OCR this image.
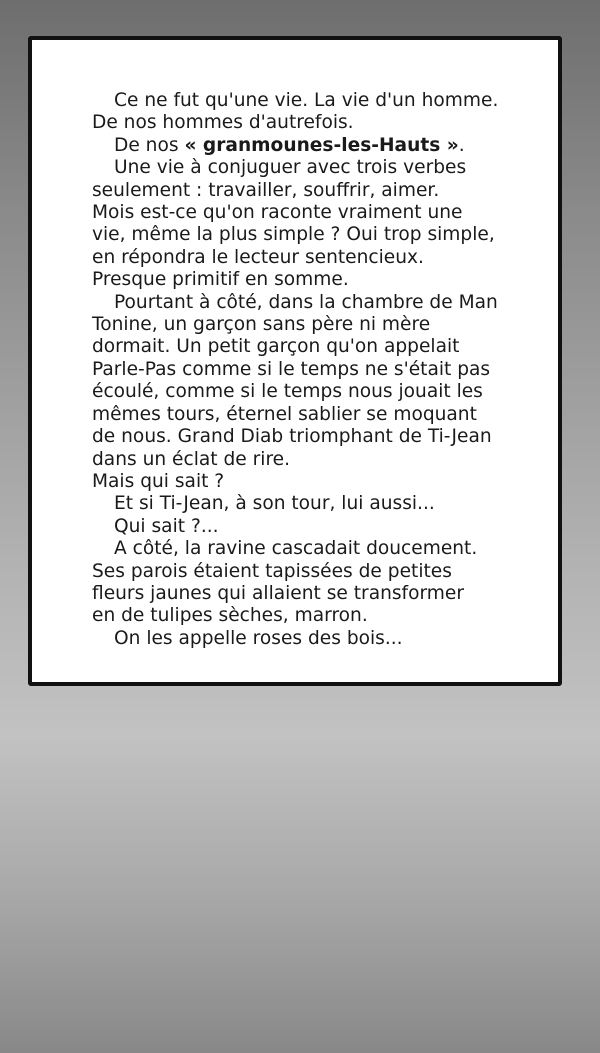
Ce ne fut qu'une vie. La vie d'un homme.
De nos hommes d'autrefois.
De nos « granmounes-les-Hauts ».
Une vie à conjuguer avec trois verbes
seulement : travailler, souffrir, aimer.
Mois est-ce qu'on raconte vraiment une
vie, même la plus simple ? Oui trop simple,
en répondra le lecteur sentencieux.
Presque primitif en somme.
Pourtant à côté, dans la chambre de Man
Tonine, un garçon sans père ni mère
dormait. Un petit garçon qu'on appelait
Parle-Pas comme si le temps ne s'était pas
écoulé, comme si le temps nous jouait les
mêmes tours, éternel sablier se moquant
de nous. Grand Diab triomphant de Ti-Jean
dans un éclat de rire.
Mais qui sait ?
Et si Ti-Jean, à son tour, lui aussi...
Qui sait ?...
A côté, la ravine cascadait doucement.
Ses parois étaient tapissées de petites
fleurs jaunes qui allaient se transformer
en de tulipes sèches, marron.
On les appelle roses des bois...
